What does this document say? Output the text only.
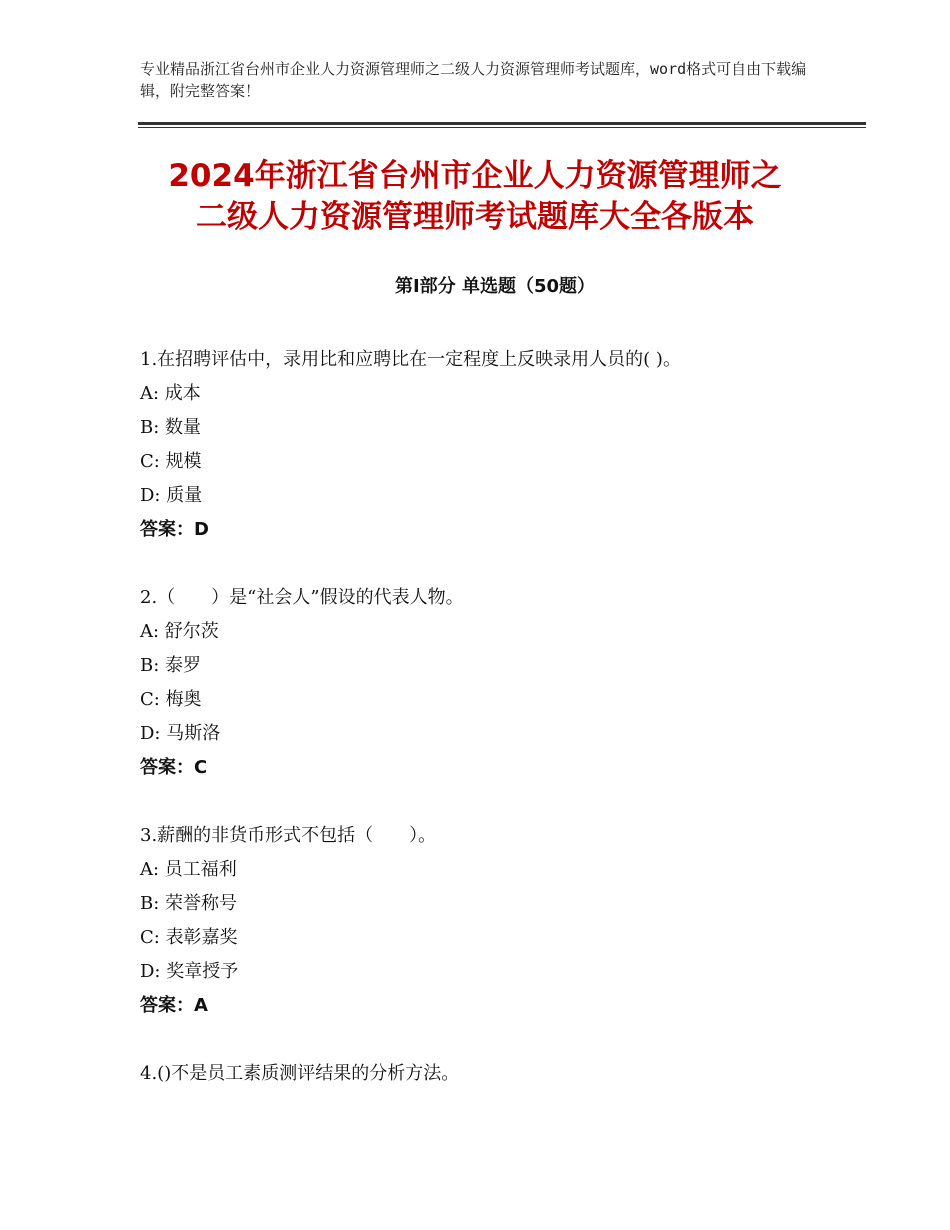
专业精品浙江省台州市企业人力资源管理师之二级人力资源管理师考试题库，word格式可自由下载编辑，附完整答案！
2024年浙江省台州市企业人力资源管理师之
二级人力资源管理师考试题库大全各版本
第Ⅰ部分 单选题（50题）
1.在招聘评估中，录用比和应聘比在一定程度上反映录用人员的( )。
A: 成本
B: 数量
C: 规模
D: 质量
答案：D
2.（　　）是“社会人”假设的代表人物。
A: 舒尔茨
B: 泰罗
C: 梅奥
D: 马斯洛
答案：C
3.薪酬的非货币形式不包括（　　）。
A: 员工福利
B: 荣誉称号
C: 表彰嘉奖
D: 奖章授予
答案：A
4.()不是员工素质测评结果的分析方法。
